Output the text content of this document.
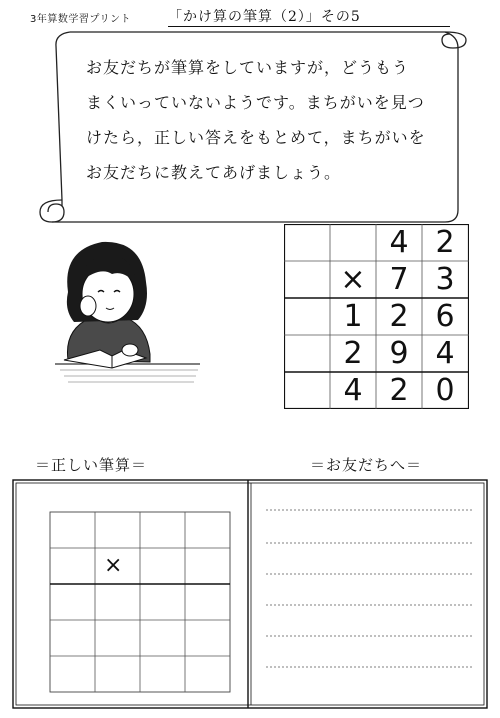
3年算数学習プリント	「かけ算の筆算（2）」その5
お友だちが筆算をしていますが，どうもう
まくいっていないようです。まちがいを見つ
けたら，正しい答えをもとめて，まちがいを
お友だちに教えてあげましょう。
4 2
× 7 3
1 2 6
2 9 4
4 2 0
＝正しい筆算＝	＝お友だちへ＝
×
